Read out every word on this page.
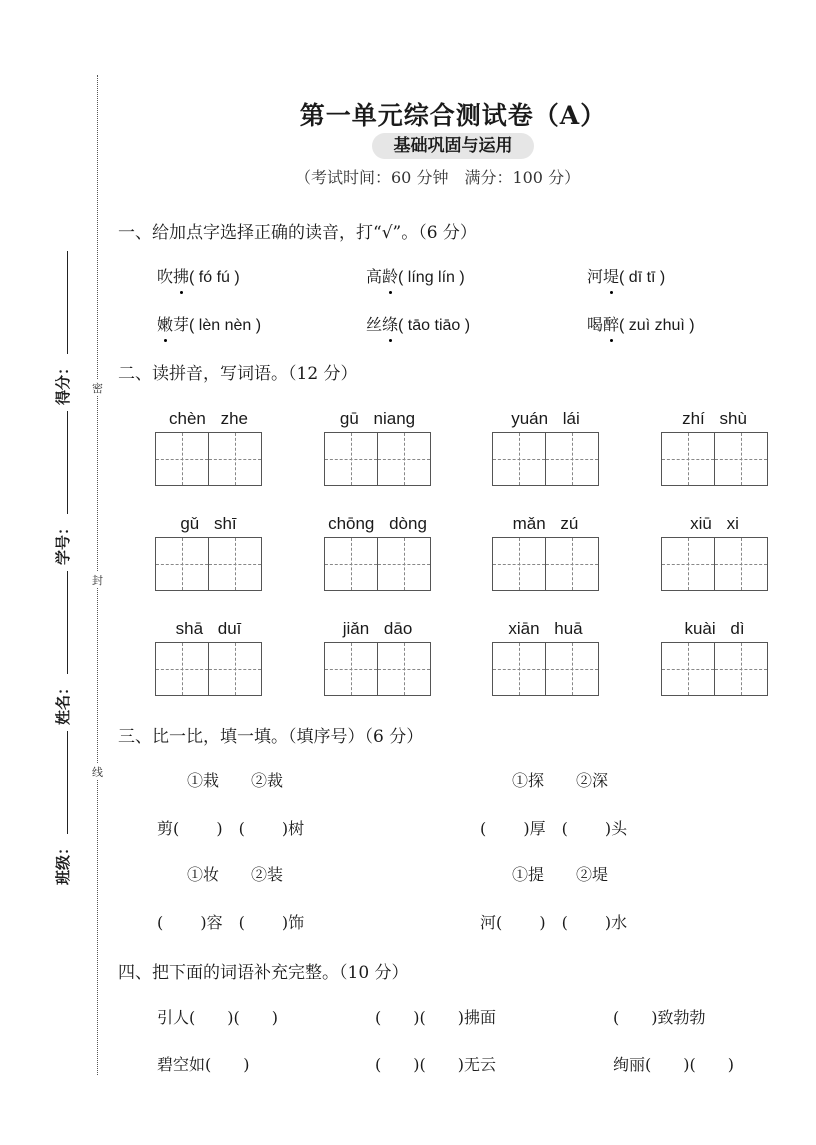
班级：
姓名：
学号：
得分： 密
封
线
第一单元综合测试卷（A）
基础巩固与运用
（考试时间：60 分钟　满分：100 分）
一、给加点字选择正确的读音，打“√”。（6 分）
吹拂( fó fú )	高龄( líng lín )	河堤( dī tī )
嫩芽( lèn nèn )	丝绦( tāo tiāo )	喝醉( zuì zhuì )
二、读拼音，写词语。（12 分）
chèn zhe	gū niang	yuán lái	zhí shù
gǔ shī	chōng dòng	mǎn zú	xiū xi
shā duī	jiǎn dāo	xiān huā	kuài dì
三、比一比，填一填。（填序号）（6 分）
①栽　　②裁
剪(　　 )　(　　 )树
①探　　②深
(　　 )厚　(　　 )头
①妆　　②装
(　　 )容　(　　 )饰
①提　　②堤
河(　　 )　(　　 )水
四、把下面的词语补充完整。（10 分）
引人(　　)(　　)	(　　)(　　)拂面	(　　)致勃勃
碧空如(　　)	(　　)(　　)无云	绚丽(　　)(　　)
